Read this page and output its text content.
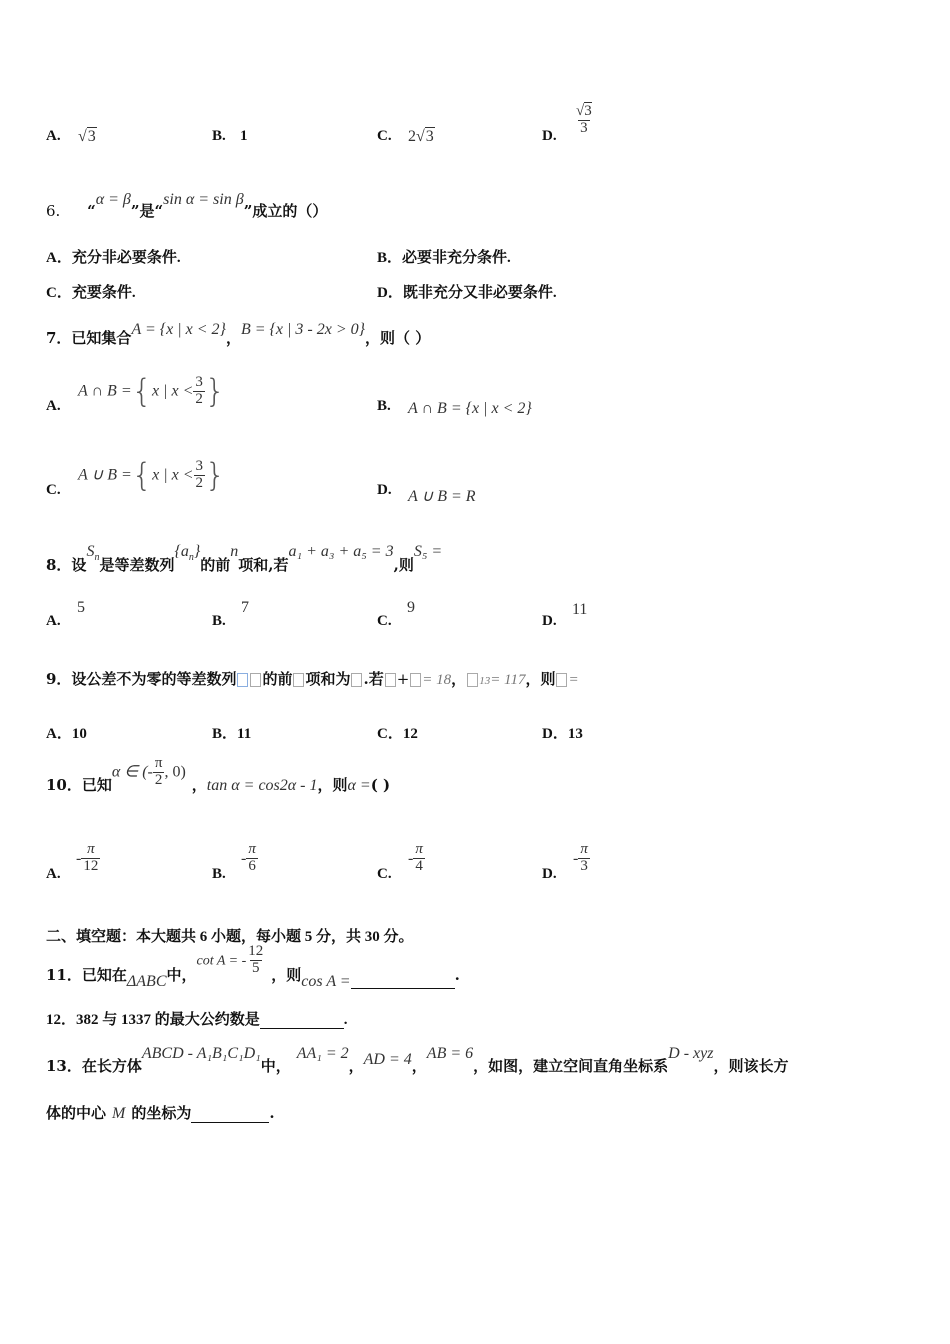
A. √3	B. 1	C. 2√3	D. $\frac{√3}{3}$
6. “α = β”是“sin α = sin β”成立的（）
A．充分非必要条件.	B．必要非充分条件.
C．充要条件.	D．既非充分又非必要条件.
7．已知集合A = {x | x < 2}，B = {x | 3 - 2x > 0}，则（ ）
A.
A ∩ B ={x | $x < \frac{3}{2}$ }	B. A ∩ B = {x | x < 2}
C.
A ∪ B ={x | $x < \frac{3}{2}$ }	D. A ∪ B = R
8．设$S_n$是等差数列$\{a_n\}$的前n项和,若a₁ + a₃ + a₅ = 3,则S₅ =
A.
5
B.
7
C.
9
D.
11
9．设公差不为零的等差数列 的前 项和为 .若 + = 18， 13= 117，则 =
A．10	B．11	C．12	D．13
10．已知α ∈ (- $\frac{\pi}{2}$ , 0)，tan α = cos2α - 1，则α =( )
A.
- $\frac{\pi}{12}$	B.
- $\frac{\pi}{6}$	C.
- $\frac{\pi}{4}$	D.
- $\frac{\pi}{3}$
二、填空题：本大题共 6 小题，每小题 5 分，共 30 分。
11．已知在ΔABC中，cot A = - $\frac{12}{5}$ ，则cos A =	.
12．382 与 1337 的最大公约数是	.
13．在长方体ABCD - A₁B₁C₁D₁中，AA₁ = 2，AD = 4，AB = 6，如图，建立空间直角坐标系D - xyz，则该长方
体的中心 M 的坐标为	.
